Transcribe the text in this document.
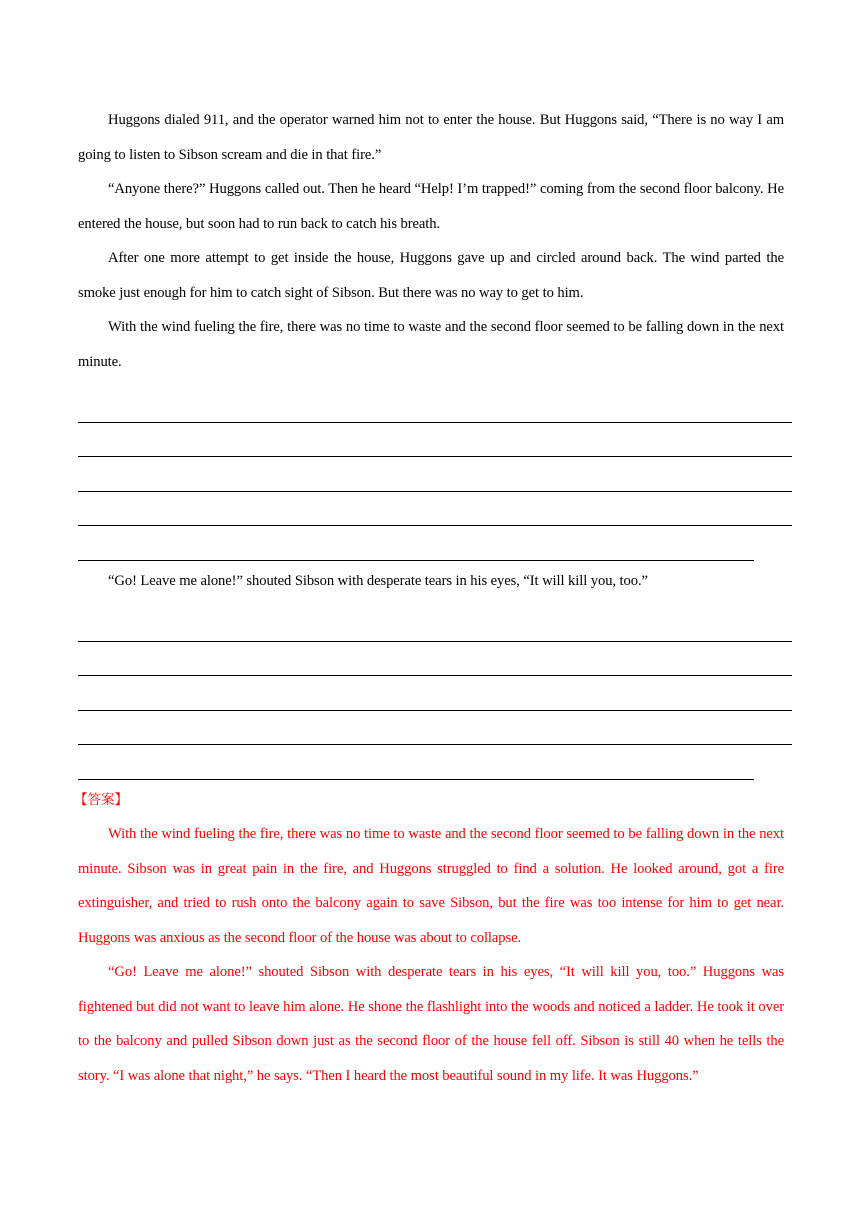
Huggons dialed 911, and the operator warned him not to enter the house. But Huggons said, “There is no way I am going to listen to Sibson scream and die in that fire.”

“Anyone there?” Huggons called out. Then he heard “Help! I’m trapped!” coming from the second floor balcony. He entered the house, but soon had to run back to catch his breath.

After one more attempt to get inside the house, Huggons gave up and circled around back. The wind parted the smoke just enough for him to catch sight of Sibson. But there was no way to get to him.

With the wind fueling the fire, there was no time to waste and the second floor seemed to be falling down in the next minute.

“Go! Leave me alone!” shouted Sibson with desperate tears in his eyes, “It will kill you, too.”

【答案】

With the wind fueling the fire, there was no time to waste and the second floor seemed to be falling down in the next minute. Sibson was in great pain in the fire, and Huggons struggled to find a solution. He looked around, got a fire extinguisher, and tried to rush onto the balcony again to save Sibson, but the fire was too intense for him to get near. Huggons was anxious as the second floor of the house was about to collapse.

“Go! Leave me alone!” shouted Sibson with desperate tears in his eyes, “It will kill you, too.” Huggons was fightened but did not want to leave him alone. He shone the flashlight into the woods and noticed a ladder. He took it over to the balcony and pulled Sibson down just as the second floor of the house fell off. Sibson is still 40 when he tells the story. “I was alone that night,” he says. “Then I heard the most beautiful sound in my life. It was Huggons.”
